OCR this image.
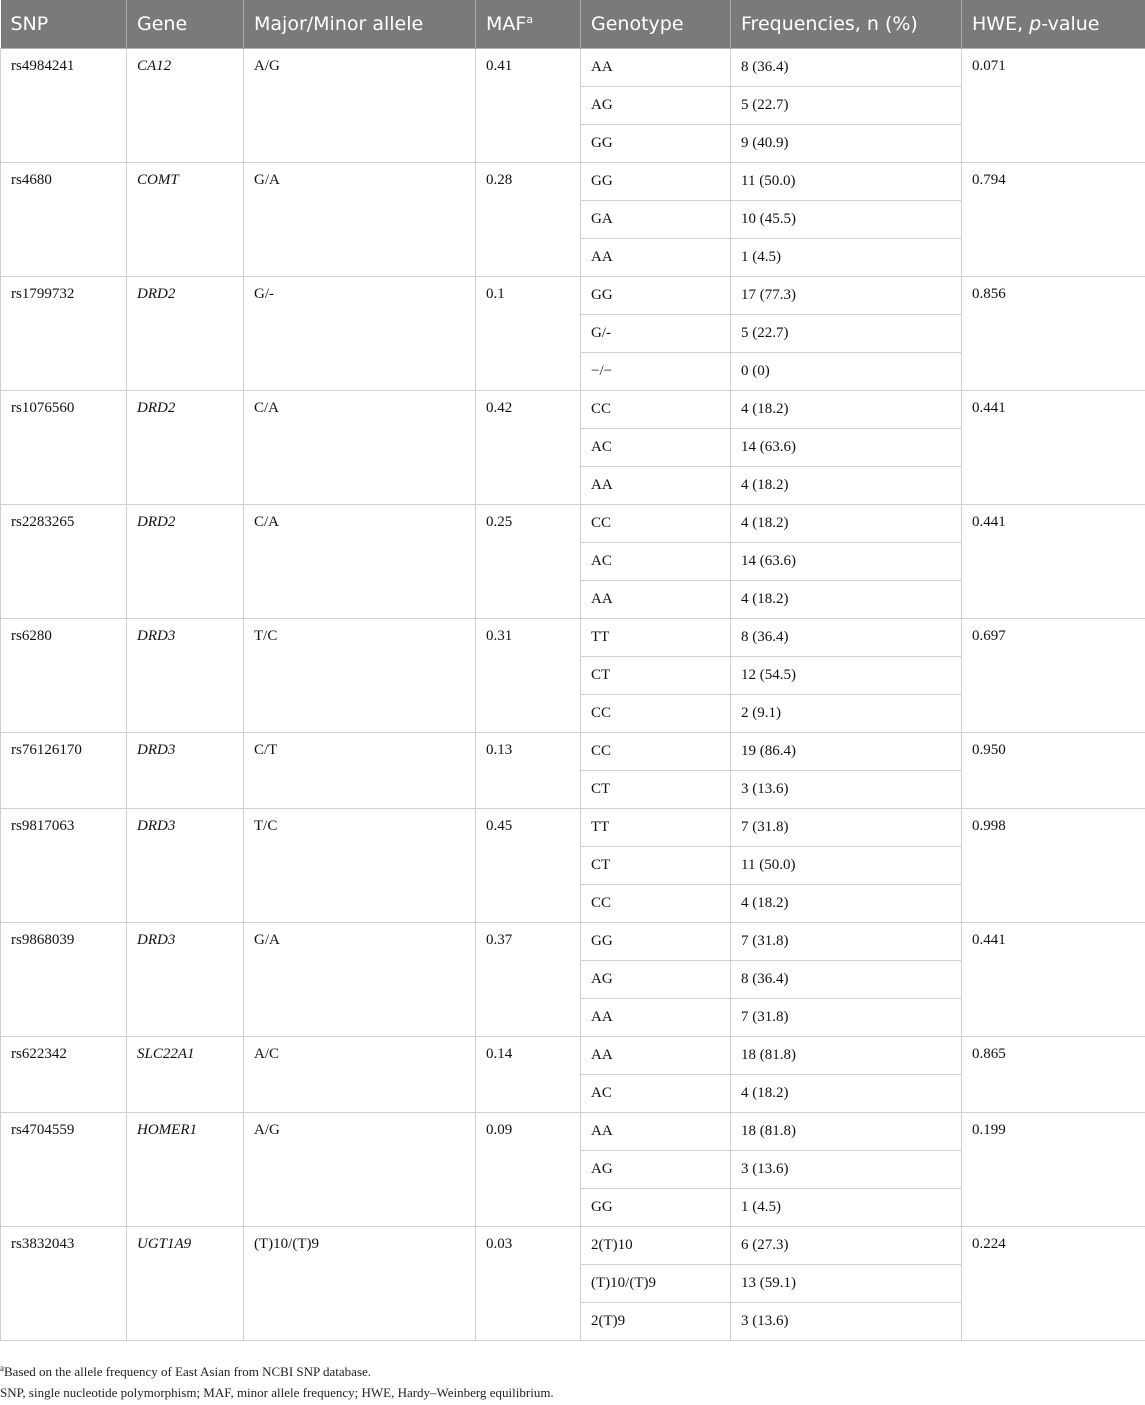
SNP	Gene	Major/Minor allele	MAF$^a$	Genotype	Frequencies, n (%)	HWE, p-value
rs4984241	CA12	A/G	0.41	AA	8 (36.4)	0.071
				AG	5 (22.7)	
				GG	9 (40.9)	
rs4680	COMT	G/A	0.28	GG	11 (50.0)	0.794
				GA	10 (45.5)	
				AA	1 (4.5)	
rs1799732	DRD2	G/-	0.1	GG	17 (77.3)	0.856
				G/-	5 (22.7)	
				−/−	0 (0)	
rs1076560	DRD2	C/A	0.42	CC	4 (18.2)	0.441
				AC	14 (63.6)	
				AA	4 (18.2)	
rs2283265	DRD2	C/A	0.25	CC	4 (18.2)	0.441
				AC	14 (63.6)	
				AA	4 (18.2)	
rs6280	DRD3	T/C	0.31	TT	8 (36.4)	0.697
				CT	12 (54.5)	
				CC	2 (9.1)	
rs76126170	DRD3	C/T	0.13	CC	19 (86.4)	0.950
				CT	3 (13.6)	
rs9817063	DRD3	T/C	0.45	TT	7 (31.8)	0.998
				CT	11 (50.0)	
				CC	4 (18.2)	
rs9868039	DRD3	G/A	0.37	GG	7 (31.8)	0.441
				AG	8 (36.4)	
				AA	7 (31.8)	
rs622342	SLC22A1	A/C	0.14	AA	18 (81.8)	0.865
				AC	4 (18.2)	
rs4704559	HOMER1	A/G	0.09	AA	18 (81.8)	0.199
				AG	3 (13.6)	
				GG	1 (4.5)	
rs3832043	UGT1A9	(T)10/(T)9	0.03	2(T)10	6 (27.3)	0.224
				(T)10/(T)9	13 (59.1)	
				2(T)9	3 (13.6)	

$^a$Based on the allele frequency of East Asian from NCBI SNP database.

SNP, single nucleotide polymorphism; MAF, minor allele frequency; HWE, Hardy–Weinberg equilibrium.
